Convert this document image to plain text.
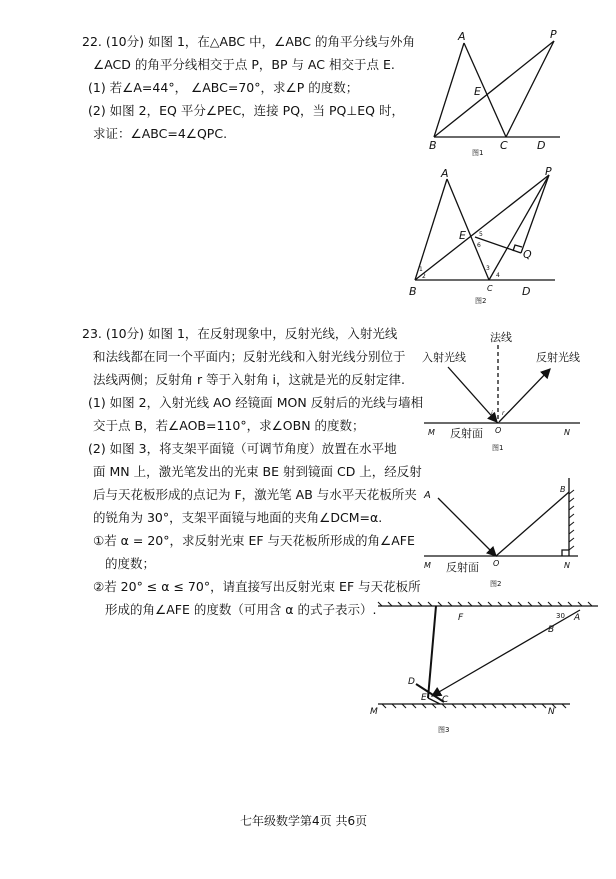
22. (10分) 如图 1，在△ABC 中，∠ABC 的角平分线与外角
∠ACD 的角平分线相交于点 P，BP 与 AC 相交于点 E.
(1) 若∠A=44°， ∠ABC=70°，求∠P 的度数；
(2) 如图 2，EQ 平分∠PEC，连接 PQ，当 PQ⊥EQ 时，
求证：∠ABC=4∠QPC.
A	P
E
B	C	D
图1
A	P
E 5
6
Q
1
2
3
4
B	C	D
图2
23. (10分) 如图 1，在反射现象中，反射光线，入射光线
和法线都在同一个平面内；反射光线和入射光线分别位于
法线两侧；反射角 r 等于入射角 i，这就是光的反射定律.
(1) 如图 2，入射光线 AO 经镜面 MON 反射后的光线与墙相
交于点 B，若∠AOB=110°，求∠OBN 的度数；
(2) 如图 3，将支架平面镜（可调节角度）放置在水平地
面 MN 上，激光笔发出的光束 BE 射到镜面 CD 上，经反射
后与天花板形成的点记为 F，激光笔 AB 与水平天花板所夹
的锐角为 30°，支架平面镜与地面的夹角∠DCM=α.
①若 α = 20°，求反射光束 EF 与天花板所形成的角∠AFE
的度数；
②若 20° ≤ α ≤ 70°，请直接写出反射光束 EF 与天花板所
形成的角∠AFE 的度数（可用含 α 的式子表示）.
法线
入射光线	反射光线
i r
M	O	N
反射面
图1
A
B
M	O	N
反射面
图2
F	30 A
B
D
E C
M	N
图3
七年级数学第4页 共6页
